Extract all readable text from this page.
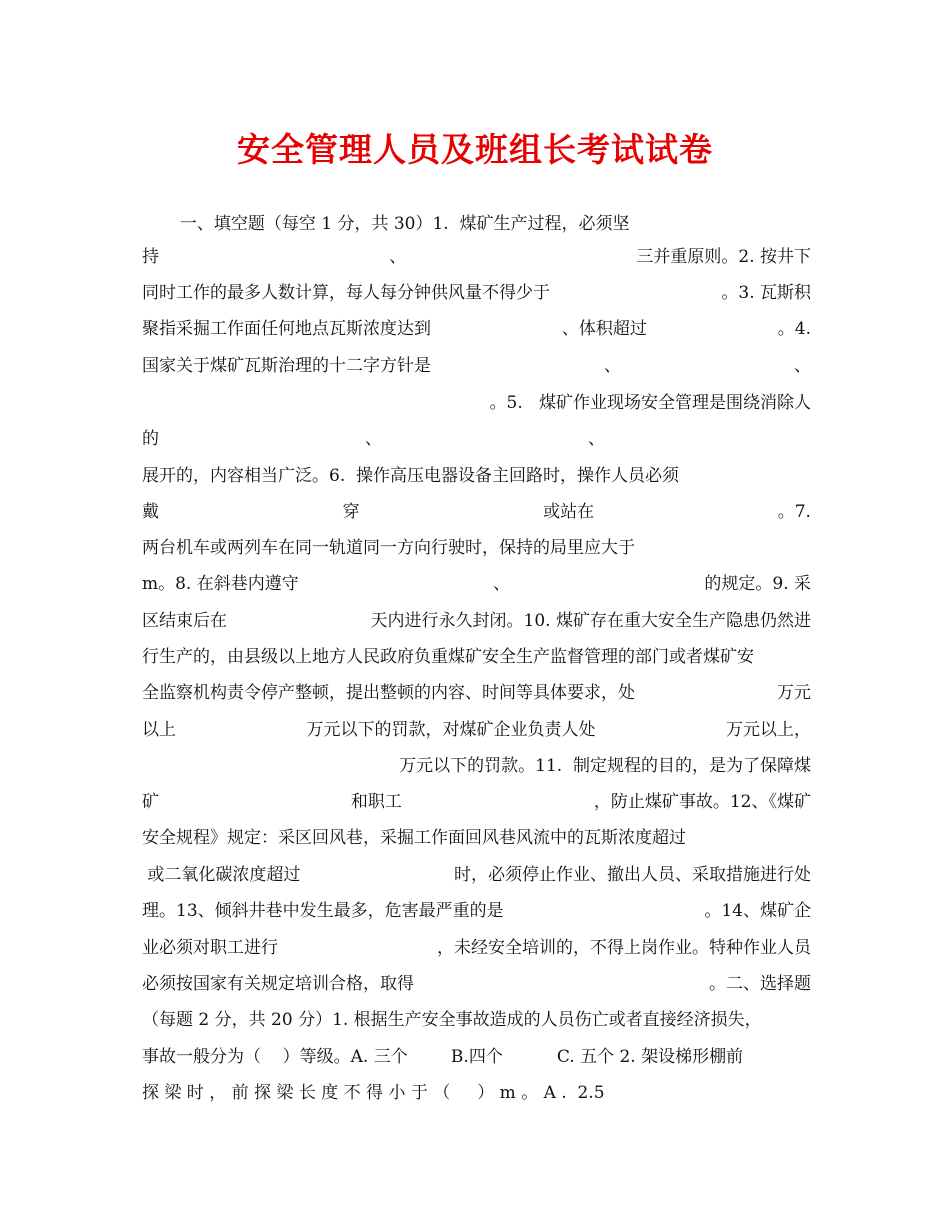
安全管理人员及班组长考试试卷
一、填空题（每空 1 分，共 30）1.  煤矿生产过程，必须坚
持	、	三并重原则。2. 按井下
同时工作的最多人数计算，每人每分钟供风量不得少于	。3. 瓦斯积
聚指采掘工作面任何地点瓦斯浓度达到	、体积超过	。4.
国家关于煤矿瓦斯治理的十二字方针是	、	、
。5.   煤矿作业现场安全管理是围绕消除人
的	、	、
展开的，内容相当广泛。6.  操作高压电器设备主回路时，操作人员必须
戴	穿	或站在	。7.
两台机车或两列车在同一轨道同一方向行驶时，保持的局里应大于
m。8. 在斜巷内遵守	、	的规定。9. 采
区结束后在	天内进行永久封闭。10. 煤矿存在重大安全生产隐患仍然进
行生产的，由县级以上地方人民政府负重煤矿安全生产监督管理的部门或者煤矿安
全监察机构责令停产整顿，提出整顿的内容、时间等具体要求，处	万元
以上	万元以下的罚款，对煤矿企业负责人处	万元以上，
万元以下的罚款。11.  制定规程的目的，是为了保障煤
矿	和职工	，防止煤矿事故。12、《煤矿
安全规程》规定：采区回风巷，采掘工作面回风巷风流中的瓦斯浓度超过
或二氧化碳浓度超过	时，必须停止作业、撤出人员、采取措施进行处
理。13、倾斜井巷中发生最多，危害最严重的是	。14、煤矿企
业必须对职工进行	，未经安全培训的，不得上岗作业。特种作业人员
必须按国家有关规定培训合格，取得	。二、选择题
（每题 2 分，共 20 分）1. 根据生产安全事故造成的人员伤亡或者直接经济损失，
事故一般分为（    ）等级。A. 三个        B.四个          C. 五个 2. 架设梯形棚前
探 梁 时 ， 前 探 梁 长 度 不 得 小 于 （     ） m 。 A .  2.5
